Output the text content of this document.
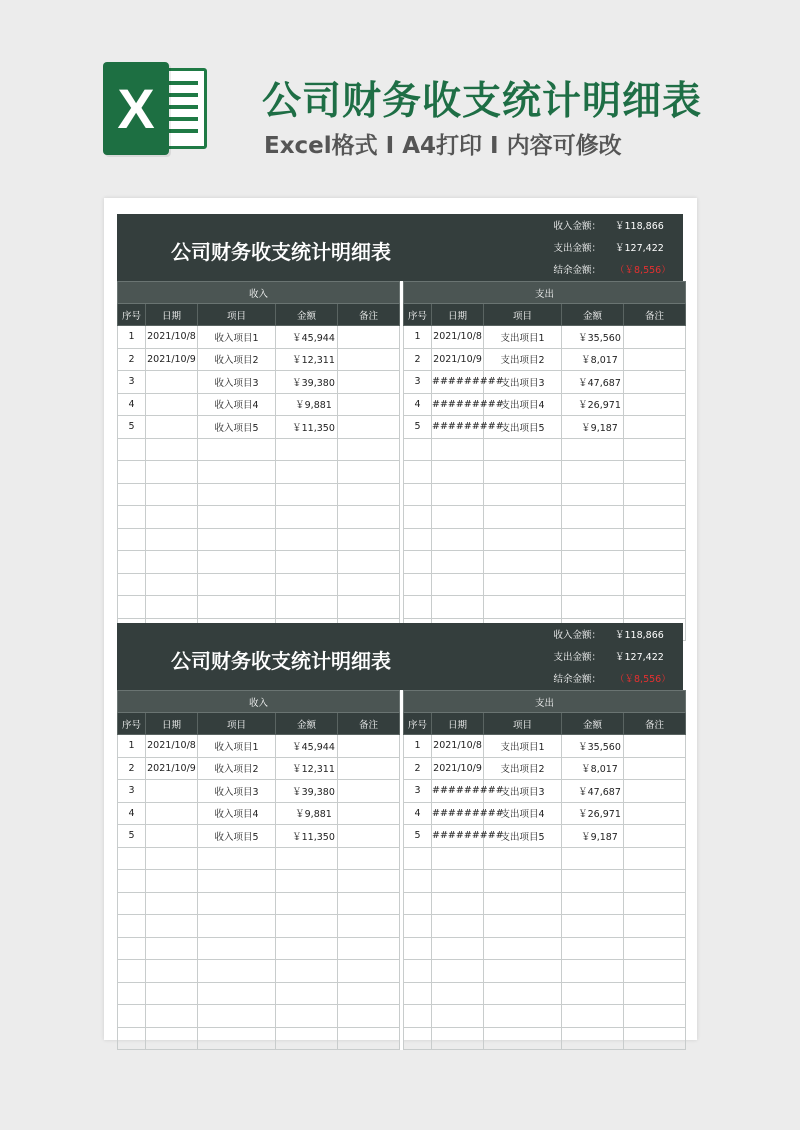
X	公司财务收支统计明细表
Excel格式 I A4打印 I 内容可修改
公司财务收支统计明细表
收入金额：	￥118,866
支出金额：	￥127,422
结余金额：	（￥8,556）
收入						支出				
序号	日期	项目	金额	备注		序号	日期	项目	金额	备注
1	2021/10/8	收入项目1	￥45,944			1	2021/10/8	支出项目1	￥35,560	
2	2021/10/9	收入项目2	￥12,311			2	2021/10/9	支出项目2	￥8,017	
3		收入项目3	￥39,380			3	#########	支出项目3	￥47,687	
4		收入项目4	￥9,881			4	#########	支出项目4	￥26,971	
5		收入项目5	￥11,350			5	#########	支出项目5	￥9,187	

公司财务收支统计明细表
收入金额：	￥118,866
支出金额：	￥127,422
结余金额：	（￥8,556）
收入						支出				
序号	日期	项目	金额	备注		序号	日期	项目	金额	备注
1	2021/10/8	收入项目1	￥45,944			1	2021/10/8	支出项目1	￥35,560	
2	2021/10/9	收入项目2	￥12,311			2	2021/10/9	支出项目2	￥8,017	
3		收入项目3	￥39,380			3	#########	支出项目3	￥47,687	
4		收入项目4	￥9,881			4	#########	支出项目4	￥26,971	
5		收入项目5	￥11,350			5	#########	支出项目5	￥9,187	
